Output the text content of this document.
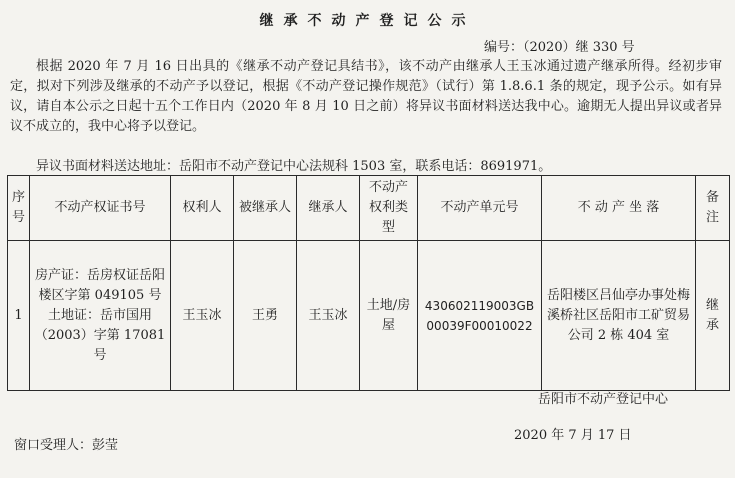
继承不动产登记公示
编号：（2020）继 330 号
根据 2020 年 7 月 16 日出具的《继承不动产登记具结书》，该不动产由继承人王玉冰通过遗产继承所得。经初步审定，拟对下列涉及继承的不动产予以登记，根据《不动产登记操作规范》（试行）第 1.8.6.1 条的规定，现予公示。如有异议，请自本公示之日起十五个工作日内（2020 年 8 月 10 日之前）将异议书面材料送达我中心。逾期无人提出异议或者异议不成立的，我中心将予以登记。
异议书面材料送达地址：岳阳市不动产登记中心法规科 1503 室，联系电话：8691971。
序号	不动产权证书号	权利人	被继承人	继承人	不动产权利类型	不动产单元号	不 动 产 坐 落	备注
1	房产证：岳房权证岳阳楼区字第 049105 号 土地证：岳市国用（2003）字第 17081 号	王玉冰	王勇	王玉冰	土地/房屋	430602119003GB00039F00010022	岳阳楼区吕仙亭办事处梅溪桥社区岳阳市工矿贸易公司 2 栋 404 室	继承
岳阳市不动产登记中心
2020 年 7 月 17 日
窗口受理人：彭莹
